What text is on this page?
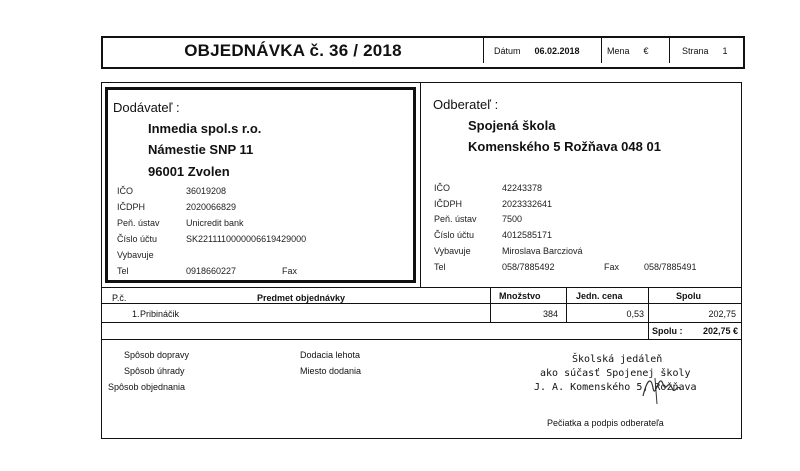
OBJEDNÁVKA č. 36 / 2018	Dátum 06.02.2018	Mena €	Strana 1
Dodávateľ :
Inmedia spol.s r.o.
Námestie SNP 11
96001 Zvolen
IČO	36019208
IČDPH	2020066829
Peň. ústav	Unicredit bank
Číslo účtu	SK2211110000006619429000
Vybavuje
Tel	0918660227	Fax
Odberateľ :
Spojená škola
Komenského 5 Rožňava 048 01
IČO	42243378
IČDPH	2023332641
Peň. ústav	7500
Číslo účtu	4012585171
Vybavuje	Miroslava Barcziová
Tel	058/7885492	Fax	058/7885491
P.č.	Predmet objednávky	Množstvo	Jedn. cena	Spolu
1. Pribináčik	384	0,53	202,75
Spolu :	202,75 €
Spôsob dopravy
Spôsob úhrady
Spôsob objednania
Dodacia lehota
Miesto dodania
Školská jedáleň
ako súčasť Spojenej školy
J. A. Komenského 5, Rožňava
Pečiatka a podpis odberateľa
